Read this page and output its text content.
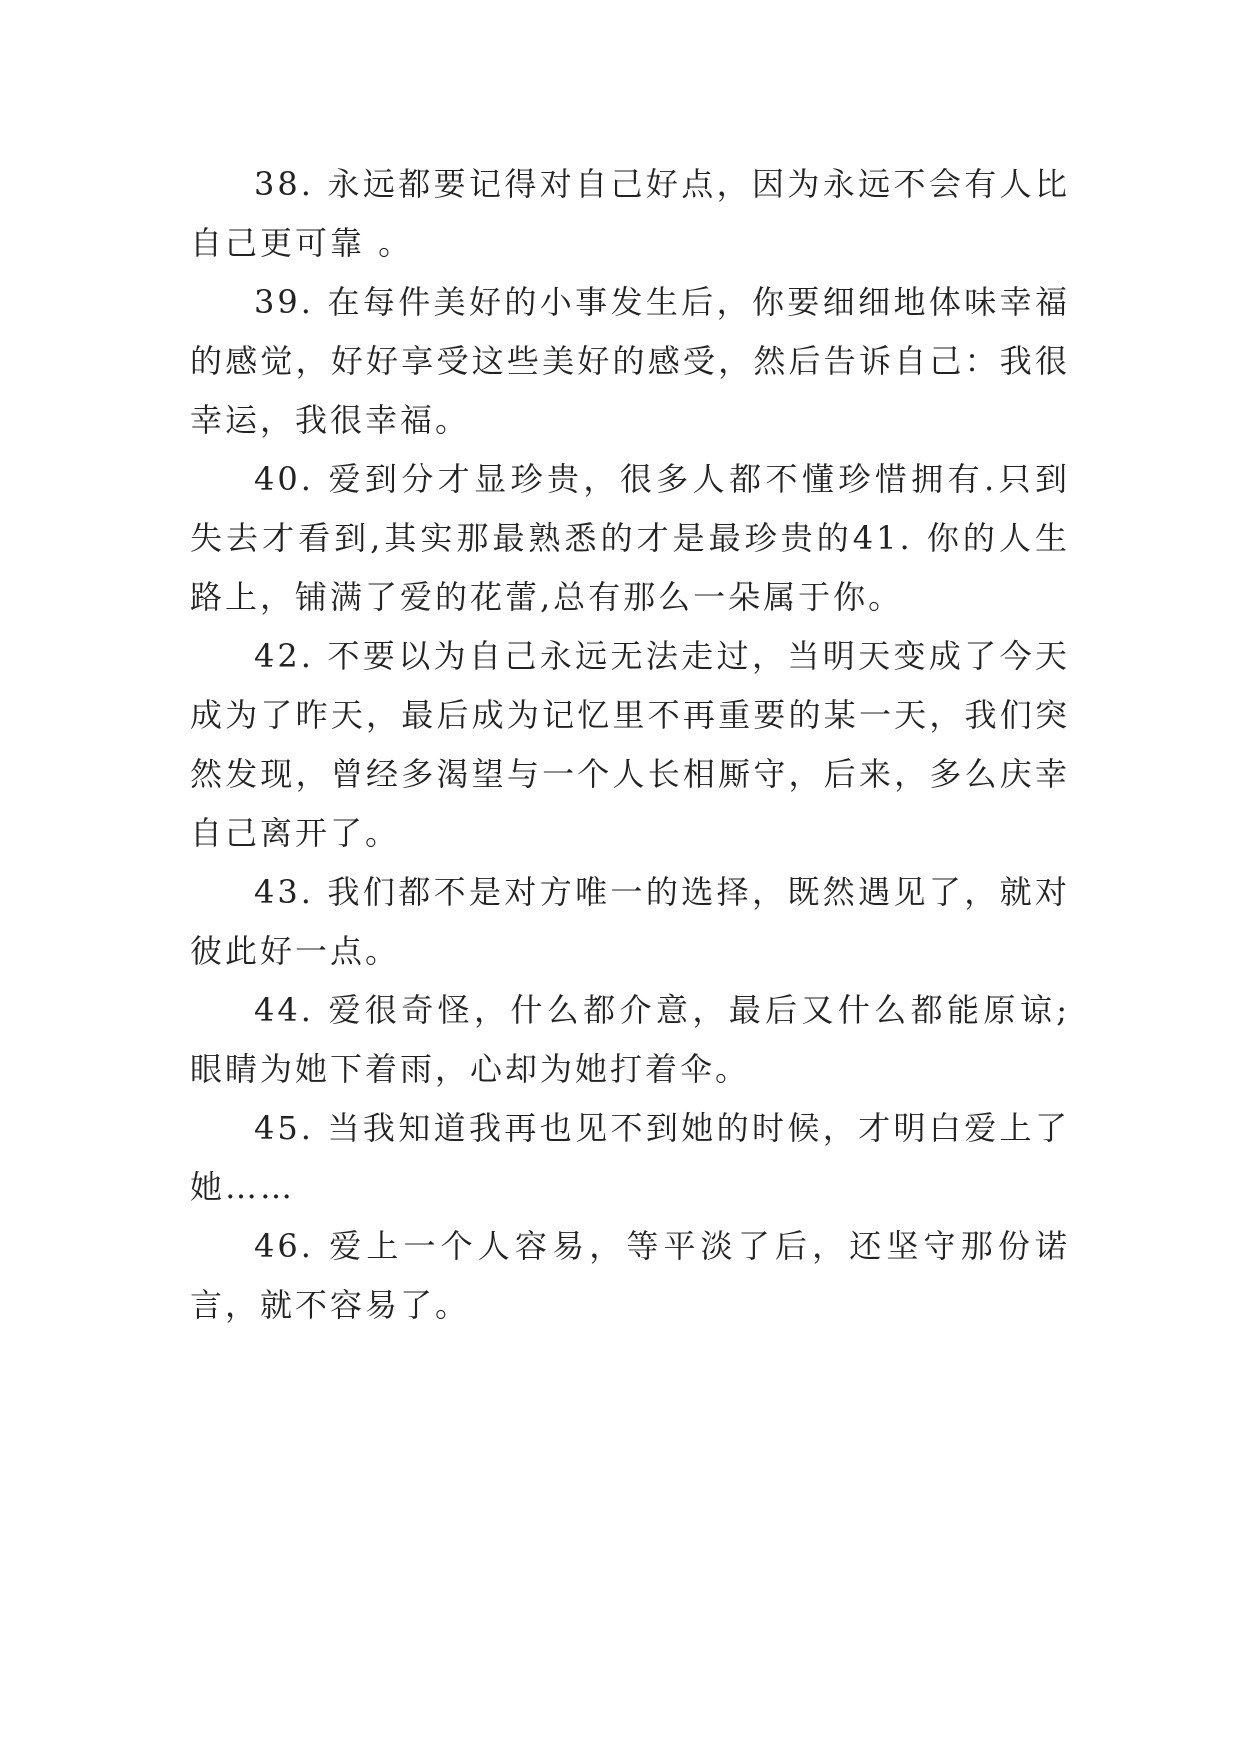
38. 永远都要记得对自己好点，因为永远不会有人比自己更可靠 。

39. 在每件美好的小事发生后，你要细细地体味幸福的感觉，好好享受这些美好的感受，然后告诉自己：我很幸运，我很幸福。

40. 爱到分才显珍贵，很多人都不懂珍惜拥有.只到失去才看到,其实那最熟悉的才是最珍贵的41. 你的人生路上，铺满了爱的花蕾,总有那么一朵属于你。

42. 不要以为自己永远无法走过，当明天变成了今天成为了昨天，最后成为记忆里不再重要的某一天，我们突然发现，曾经多渴望与一个人长相厮守，后来，多么庆幸自己离开了。

43. 我们都不是对方唯一的选择，既然遇见了，就对彼此好一点。

44. 爱很奇怪，什么都介意，最后又什么都能原谅;眼睛为她下着雨，心却为她打着伞。

45. 当我知道我再也见不到她的时候，才明白爱上了她……

46. 爱上一个人容易，等平淡了后，还坚守那份诺言，就不容易了。
